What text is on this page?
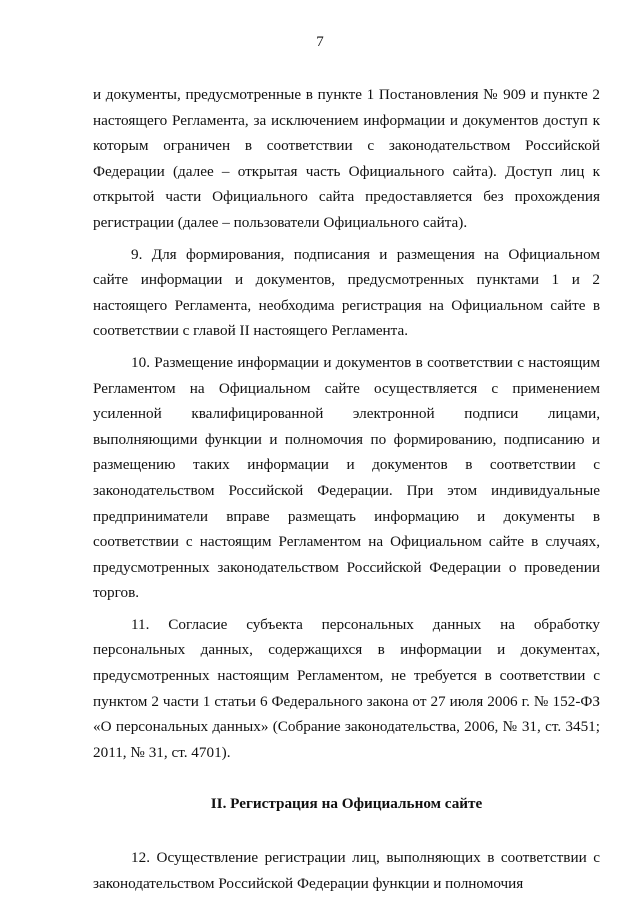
7

и документы, предусмотренные в пункте 1 Постановления № 909 и пункте 2 настоящего Регламента, за исключением информации и документов доступ к которым ограничен в соответствии с законодательством Российской Федерации (далее – открытая часть Официального сайта). Доступ лиц к открытой части Официального сайта предоставляется без прохождения регистрации (далее – пользователи Официального сайта).

9. Для формирования, подписания и размещения на Официальном сайте информации и документов, предусмотренных пунктами 1 и 2 настоящего Регламента, необходима регистрация на Официальном сайте в соответствии с главой II настоящего Регламента.

10. Размещение информации и документов в соответствии с настоящим Регламентом на Официальном сайте осуществляется с применением усиленной квалифицированной электронной подписи лицами, выполняющими функции и полномочия по формированию, подписанию и размещению таких информации и документов в соответствии с законодательством Российской Федерации. При этом индивидуальные предприниматели вправе размещать информацию и документы в соответствии с настоящим Регламентом на Официальном сайте в случаях, предусмотренных законодательством Российской Федерации о проведении торгов.

11. Согласие субъекта персональных данных на обработку персональных данных, содержащихся в информации и документах, предусмотренных настоящим Регламентом, не требуется в соответствии с пунктом 2 части 1 статьи 6 Федерального закона от 27 июля 2006 г. № 152-ФЗ «О персональных данных» (Собрание законодательства, 2006, № 31, ст. 3451; 2011, № 31, ст. 4701).

II. Регистрация на Официальном сайте

12. Осуществление регистрации лиц, выполняющих в соответствии с законодательством Российской Федерации функции и полномочия
